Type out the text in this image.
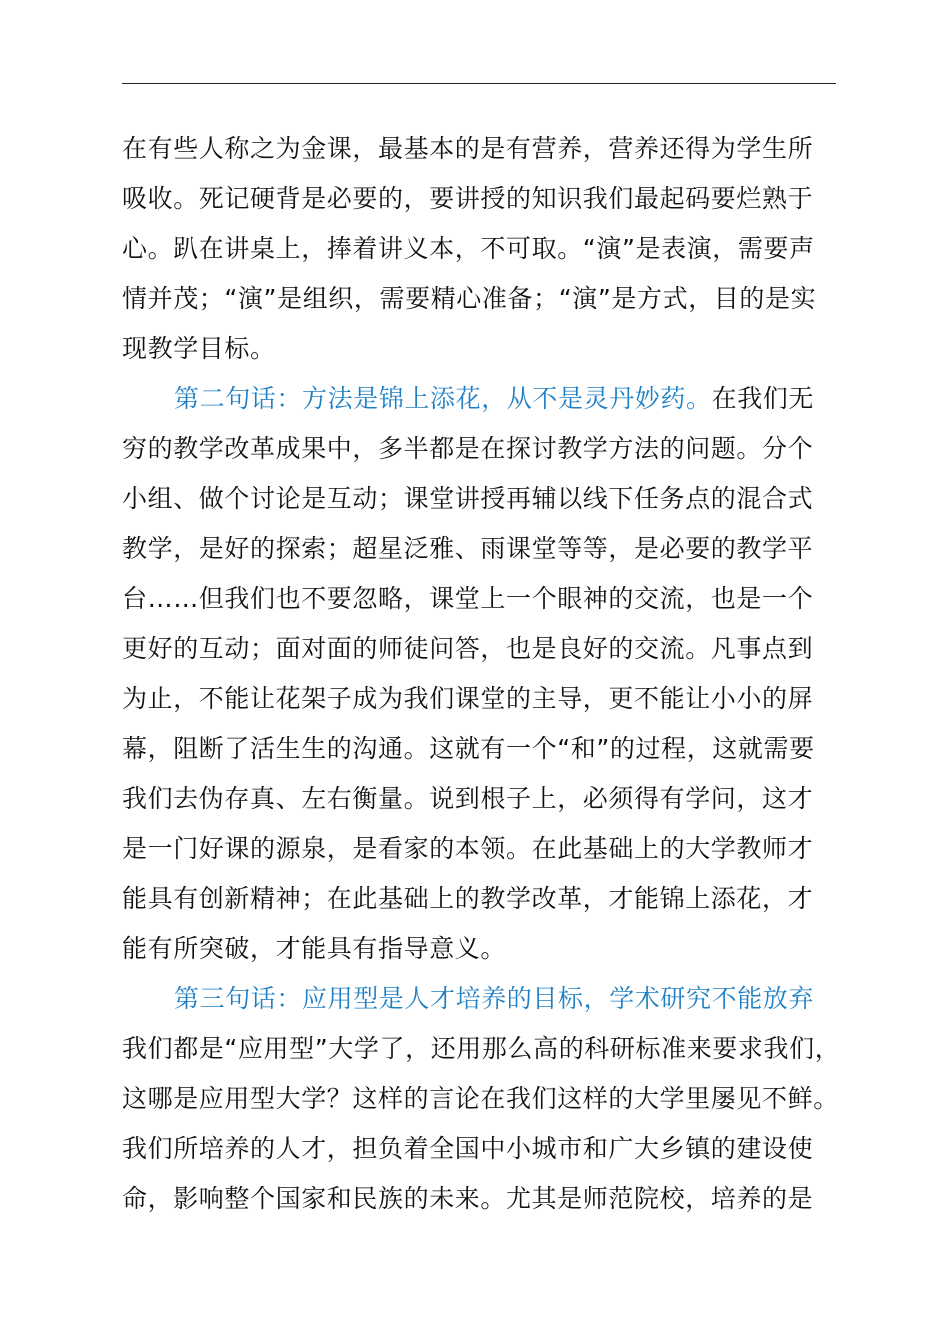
在有些人称之为金课，最基本的是有营养，营养还得为学生所
吸收。死记硬背是必要的，要讲授的知识我们最起码要烂熟于
心。趴在讲桌上，捧着讲义本，不可取。“演”是表演，需要声
情并茂；“演”是组织，需要精心准备；“演”是方式，目的是实
现教学目标。
第二句话：方法是锦上添花，从不是灵丹妙药。在我们无
穷的教学改革成果中，多半都是在探讨教学方法的问题。分个
小组、做个讨论是互动；课堂讲授再辅以线下任务点的混合式
教学，是好的探索；超星泛雅、雨课堂等等，是必要的教学平
台……但我们也不要忽略，课堂上一个眼神的交流，也是一个
更好的互动；面对面的师徒问答，也是良好的交流。凡事点到
为止，不能让花架子成为我们课堂的主导，更不能让小小的屏
幕，阻断了活生生的沟通。这就有一个“和”的过程，这就需要
我们去伪存真、左右衡量。说到根子上，必须得有学问，这才
是一门好课的源泉，是看家的本领。在此基础上的大学教师才
能具有创新精神；在此基础上的教学改革，才能锦上添花，才
能有所突破，才能具有指导意义。
第三句话：应用型是人才培养的目标，学术研究不能放弃
我们都是“应用型”大学了，还用那么高的科研标准来要求我们，
这哪是应用型大学？这样的言论在我们这样的大学里屡见不鲜。
我们所培养的人才，担负着全国中小城市和广大乡镇的建设使
命，影响整个国家和民族的未来。尤其是师范院校，培养的是
